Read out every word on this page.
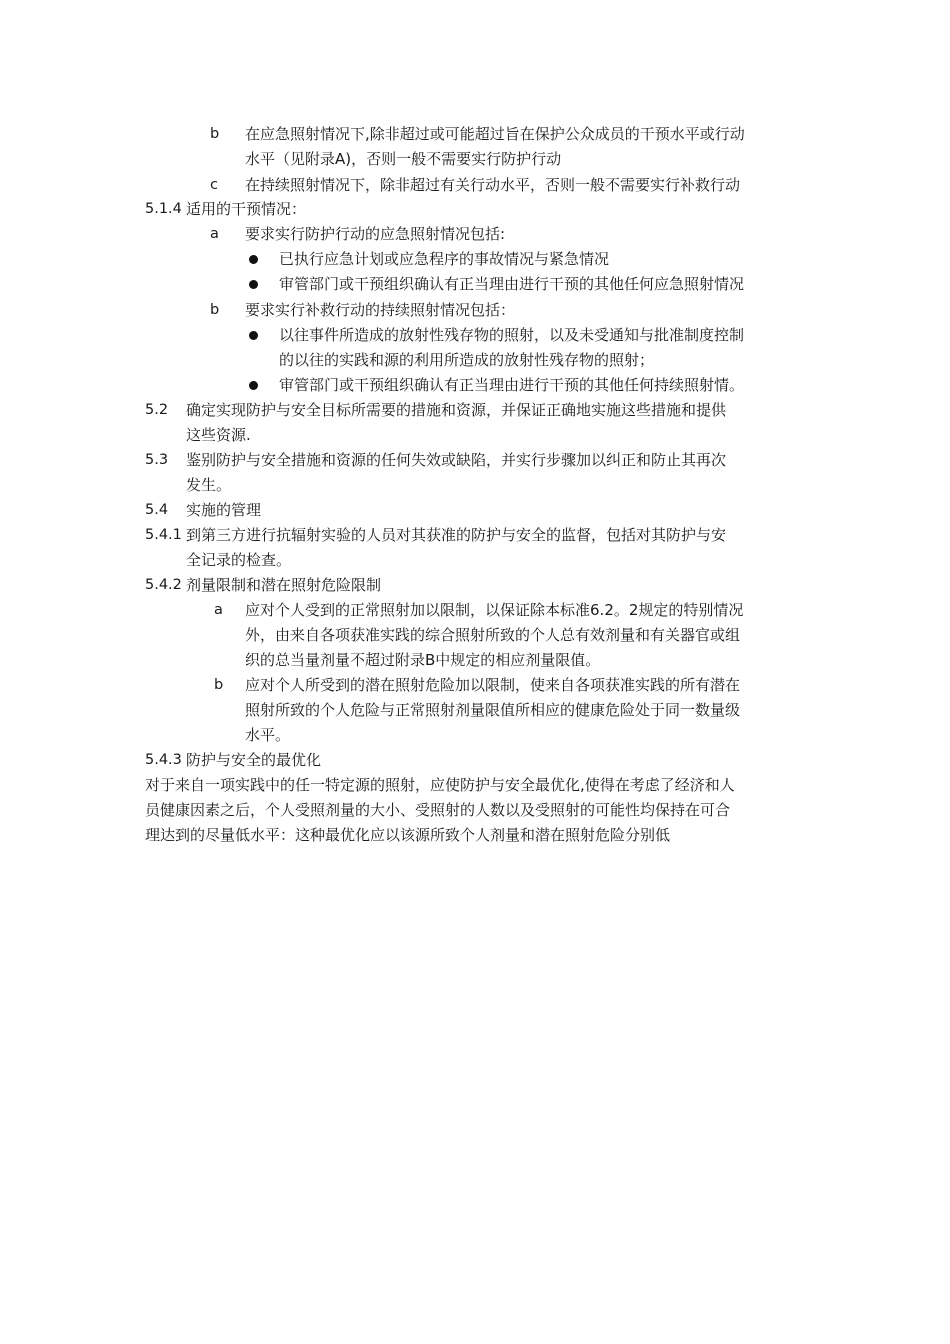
b 在应急照射情况下,除非超过或可能超过旨在保护公众成员的干预水平或行动
水平（见附录A)，否则一般不需要实行防护行动
c 在持续照射情况下，除非超过有关行动水平，否则一般不需要实行补救行动
5.1.4 适用的干预情况：
a 要求实行防护行动的应急照射情况包括:
已执行应急计划或应急程序的事故情况与紧急情况
审管部门或干预组织确认有正当理由进行干预的其他任何应急照射情况
b 要求实行补救行动的持续照射情况包括：
以往事件所造成的放射性残存物的照射，以及未受通知与批准制度控制
的以往的实践和源的利用所造成的放射性残存物的照射；
审管部门或干预组织确认有正当理由进行干预的其他任何持续照射情。
5.2 确定实现防护与安全目标所需要的措施和资源，并保证正确地实施这些措施和提供
这些资源.
5.3 鉴别防护与安全措施和资源的任何失效或缺陷，并实行步骤加以纠正和防止其再次
发生。
5.4 实施的管理
5.4.1 到第三方进行抗辐射实验的人员对其获准的防护与安全的监督，包括对其防护与安
全记录的检查。
5.4.2 剂量限制和潜在照射危险限制
a 应对个人受到的正常照射加以限制，以保证除本标准6.2。2规定的特别情况
外，由来自各项获准实践的综合照射所致的个人总有效剂量和有关器官或组
织的总当量剂量不超过附录B中规定的相应剂量限值。
b 应对个人所受到的潜在照射危险加以限制，使来自各项获准实践的所有潜在
照射所致的个人危险与正常照射剂量限值所相应的健康危险处于同一数量级
水平。
5.4.3 防护与安全的最优化
对于来自一项实践中的任一特定源的照射，应使防护与安全最优化,使得在考虑了经济和人
员健康因素之后，个人受照剂量的大小、受照射的人数以及受照射的可能性均保持在可合
理达到的尽量低水平：这种最优化应以该源所致个人剂量和潜在照射危险分别低
